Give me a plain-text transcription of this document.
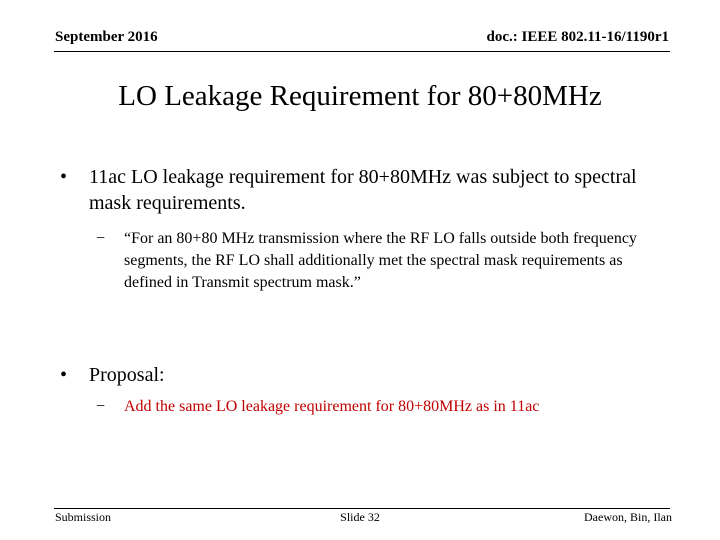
September 2016	doc.: IEEE 802.11-16/1190r1
LO Leakage Requirement for 80+80MHz
• 11ac LO leakage requirement for 80+80MHz was subject to spectral mask requirements.
− “For an 80+80 MHz transmission where the RF LO falls outside both frequency segments, the RF LO shall additionally met the spectral mask requirements as defined in Transmit spectrum mask.”
• Proposal:
− Add the same LO leakage requirement for 80+80MHz as in 11ac
Submission	Slide 32	Daewon, Bin, Ilan
